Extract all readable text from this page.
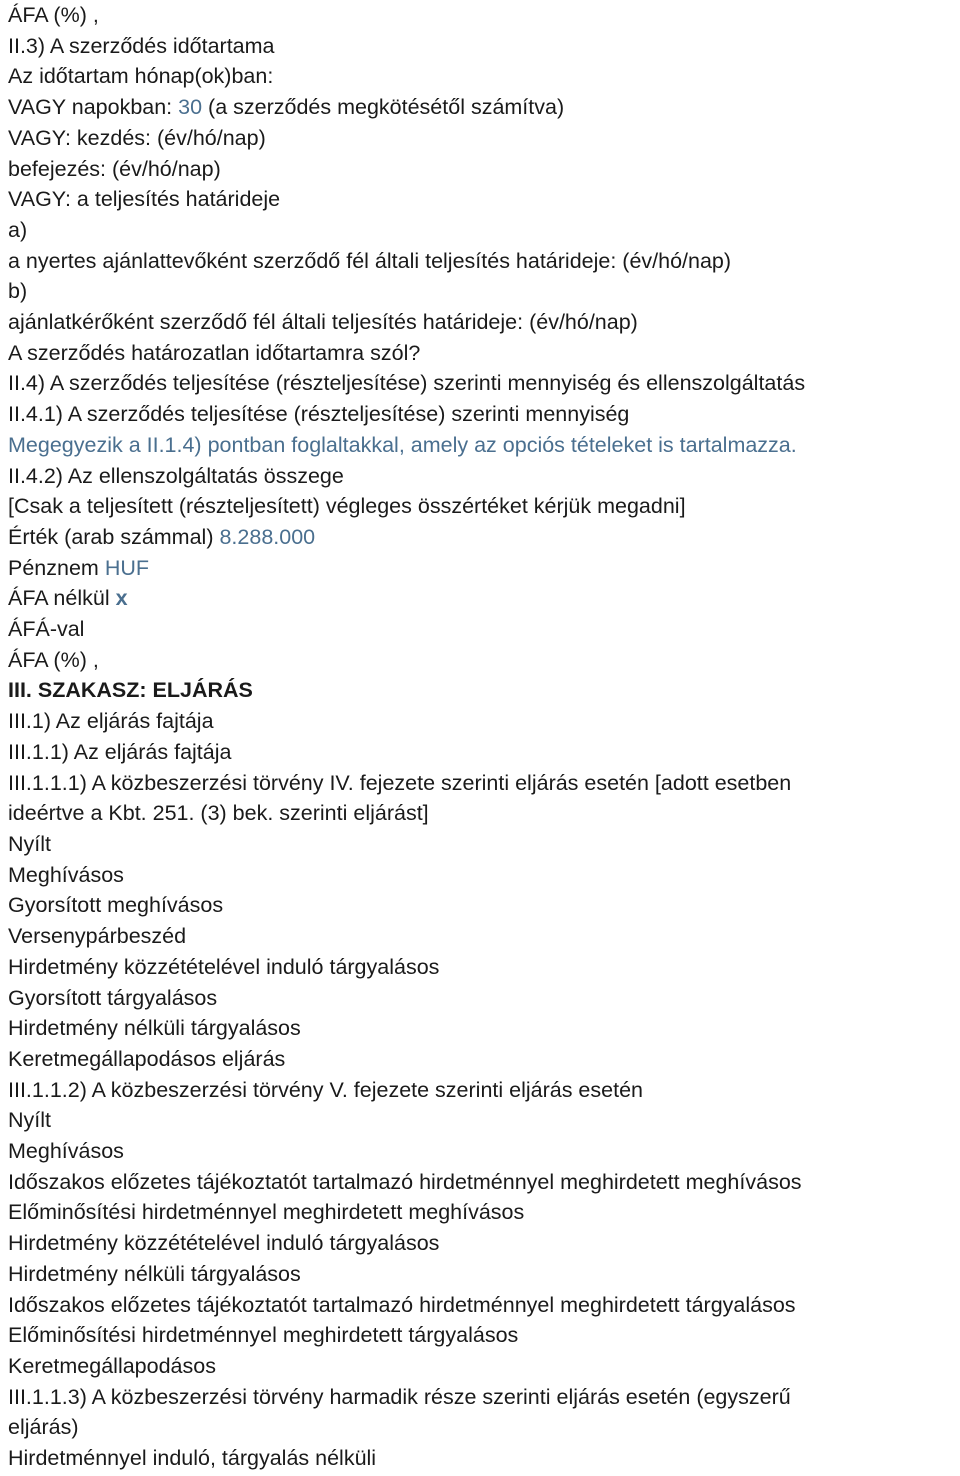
ÁFA (%) ,
II.3) A szerződés időtartama
Az időtartam hónap(ok)ban:
VAGY napokban: 30 (a szerződés megkötésétől számítva)
VAGY: kezdés: (év/hó/nap)
befejezés: (év/hó/nap)
VAGY: a teljesítés határideje
a)
a nyertes ajánlattevőként szerződő fél általi teljesítés határideje: (év/hó/nap)
b)
ajánlatkérőként szerződő fél általi teljesítés határideje: (év/hó/nap)
A szerződés határozatlan időtartamra szól?
II.4) A szerződés teljesítése (részteljesítése) szerinti mennyiség és ellenszolgáltatás
II.4.1) A szerződés teljesítése (részteljesítése) szerinti mennyiség
Megegyezik a II.1.4) pontban foglaltakkal, amely az opciós tételeket is tartalmazza.
II.4.2) Az ellenszolgáltatás összege
[Csak a teljesített (részteljesített) végleges összértéket kérjük megadni]
Érték (arab számmal) 8.288.000
Pénznem HUF
ÁFA nélkül x
ÁFÁ-val
ÁFA (%) ,
III. SZAKASZ: ELJÁRÁS
III.1) Az eljárás fajtája
III.1.1) Az eljárás fajtája
III.1.1.1) A közbeszerzési törvény IV. fejezete szerinti eljárás esetén [adott esetben
ideértve a Kbt. 251. (3) bek. szerinti eljárást]
Nyílt
Meghívásos
Gyorsított meghívásos
Versenypárbeszéd
Hirdetmény közzétételével induló tárgyalásos
Gyorsított tárgyalásos
Hirdetmény nélküli tárgyalásos
Keretmegállapodásos eljárás
III.1.1.2) A közbeszerzési törvény V. fejezete szerinti eljárás esetén
Nyílt
Meghívásos
Időszakos előzetes tájékoztatót tartalmazó hirdetménnyel meghirdetett meghívásos
Előminősítési hirdetménnyel meghirdetett meghívásos
Hirdetmény közzétételével induló tárgyalásos
Hirdetmény nélküli tárgyalásos
Időszakos előzetes tájékoztatót tartalmazó hirdetménnyel meghirdetett tárgyalásos
Előminősítési hirdetménnyel meghirdetett tárgyalásos
Keretmegállapodásos
III.1.1.3) A közbeszerzési törvény harmadik része szerinti eljárás esetén (egyszerű
eljárás)
Hirdetménnyel induló, tárgyalás nélküli
